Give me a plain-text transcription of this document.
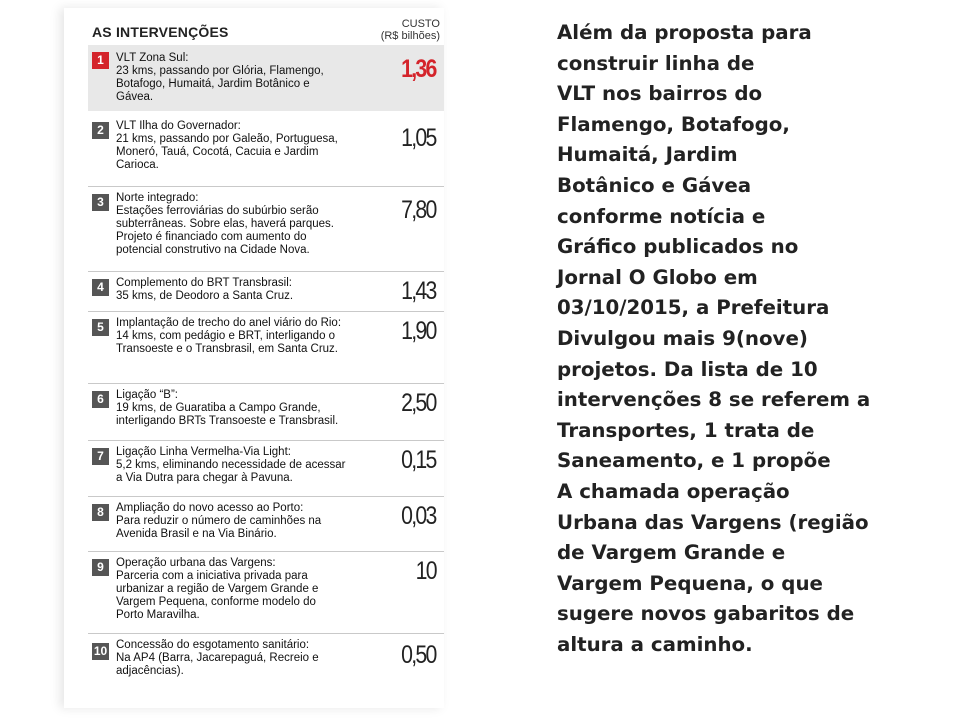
AS INTERVENÇÕES	CUSTO
(R$ bilhões)
1	VLT Zona Sul:
23 kms, passando por Glória, Flamengo,
Botafogo, Humaitá, Jardim Botânico e
Gávea.
1,36
2	VLT Ilha do Governador:
21 kms, passando por Galeão, Portuguesa,
Moneró, Tauá, Cocotá, Cacuia e Jardim
Carioca.
1,05
3	Norte integrado:
Estações ferroviárias do subúrbio serão
subterrâneas. Sobre elas, haverá parques.
Projeto é financiado com aumento do
potencial construtivo na Cidade Nova.
7,80
4	Complemento do BRT Transbrasil:
35 kms, de Deodoro a Santa Cruz.	1,43
5	Implantação de trecho do anel viário do Rio:
14 kms, com pedágio e BRT, interligando o
Transoeste e o Transbrasil, em Santa Cruz.
1,90
6	Ligação “B”:
19 kms, de Guaratiba a Campo Grande,
interligando BRTs Transoeste e Transbrasil.
2,50
7	Ligação Linha Vermelha-Via Light:
5,2 kms, eliminando necessidade de acessar
a Via Dutra para chegar à Pavuna.
0,15
8	Ampliação do novo acesso ao Porto:
Para reduzir o número de caminhões na
Avenida Brasil e na Via Binário.
0,03
9	Operação urbana das Vargens:
Parceria com a iniciativa privada para
urbanizar a região de Vargem Grande e
Vargem Pequena, conforme modelo do
Porto Maravilha.
10
10 Concessão do esgotamento sanitário:
Na AP4 (Barra, Jacarepaguá, Recreio e
adjacências).
0,50
Além da proposta para
construir linha de
VLT nos bairros do
Flamengo, Botafogo,
Humaitá, Jardim
Botânico e Gávea
conforme notícia e
Gráfico publicados no
Jornal O Globo em
03/10/2015, a Prefeitura
Divulgou mais 9(nove)
projetos. Da lista de 10
intervenções 8 se referem a
Transportes, 1 trata de
Saneamento, e 1 propõe
A chamada operação
Urbana das Vargens (região
de Vargem Grande e
Vargem Pequena, o que
sugere novos gabaritos de
altura a caminho.
